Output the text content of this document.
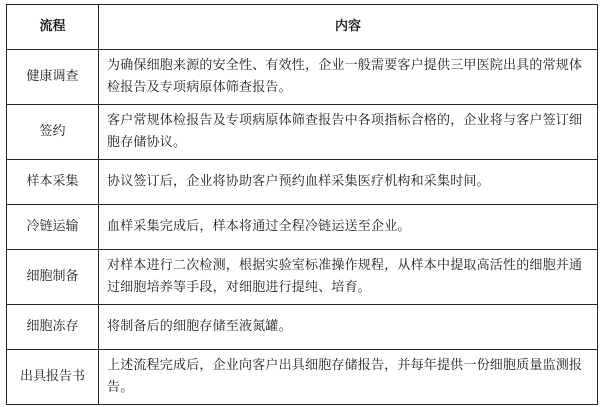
流程	内容
健康调查	为确保细胞来源的安全性、有效性，企业一般需要客户提供三甲医院出具的常规体检报告及专项病原体筛查报告。
签约	客户常规体检报告及专项病原体筛查报告中各项指标合格的，企业将与客户签订细胞存储协议。
样本采集	协议签订后，企业将协助客户预约血样采集医疗机构和采集时间。
冷链运输	血样采集完成后，样本将通过全程冷链运送至企业。
细胞制备	对样本进行二次检测，根据实验室标准操作规程，从样本中提取高活性的细胞并通过细胞培养等手段，对细胞进行提纯、培育。
细胞冻存	将制备后的细胞存储至液氮罐。
出具报告书	上述流程完成后，企业向客户出具细胞存储报告，并每年提供一份细胞质量监测报告。
